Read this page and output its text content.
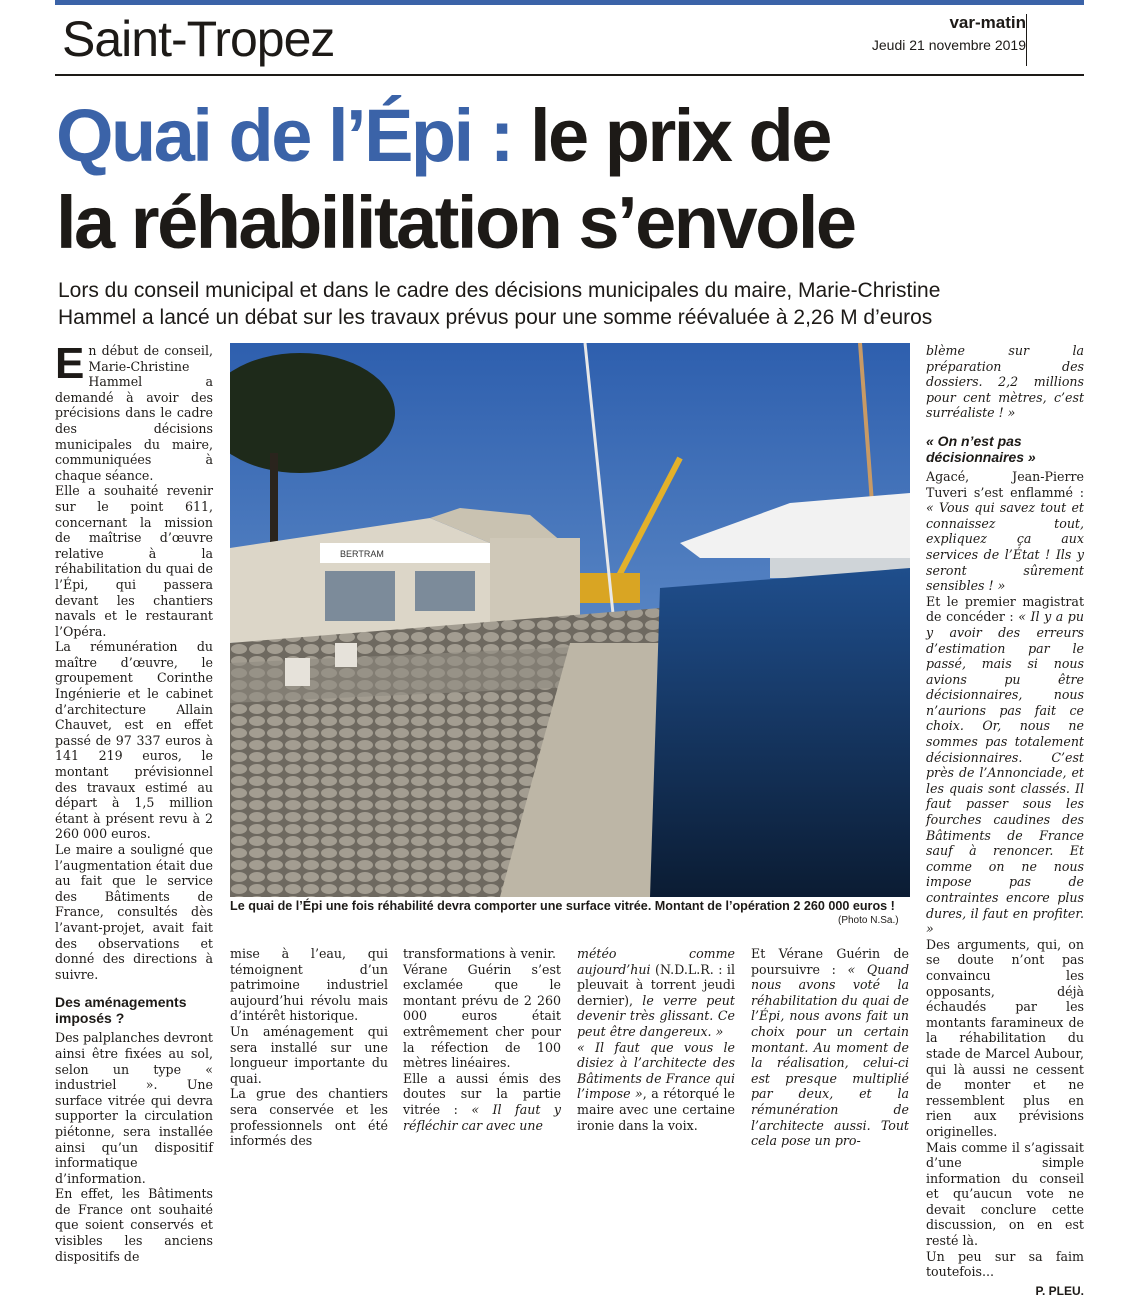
Saint-Tropez	var-matin
Jeudi 21 novembre 2019
Quai de l’Épi : le prix de
la réhabilitation s’envole
Lors du conseil municipal et dans le cadre des décisions municipales du maire, Marie-Christine
Hammel a lancé un débat sur les travaux prévus pour une somme réévaluée à 2,26 M d’euros

En début de conseil, Marie-Christine Hammel a demandé à avoir des précisions dans le cadre des décisions municipales du maire, communiquées à chaque séance.

Elle a souhaité revenir sur le point 611, concernant la mission de maîtrise d’œuvre relative à la réhabilitation du quai de l’Épi, qui passera devant les chantiers navals et le restaurant l’Opéra.

La rémunération du maître d’œuvre, le groupement Corinthe Ingénierie et le cabinet d’architecture Allain Chauvet, est en effet passé de 97 337 euros à 141 219 euros, le montant prévisionnel des travaux estimé au départ à 1,5 million étant à présent revu à 2 260 000 euros.

Le maire a souligné que l’augmentation était due au fait que le service des Bâtiments de France, consultés dès l’avant-projet, avait fait des observations et donné des directions à suivre.

Des aménagements imposés ?

Des palplanches devront ainsi être fixées au sol, selon un type « industriel ». Une surface vitrée qui devra supporter la circulation piétonne, sera installée ainsi qu’un dispositif informatique d’information.

En effet, les Bâtiments de France ont souhaité que soient conservés et visibles les anciens dispositifs de

BERTRAM
Le quai de l’Épi une fois réhabilité devra comporter une surface vitrée. Montant de l’opération 2 260 000 euros !
(Photo N.Sa.)

mise à l’eau, qui témoignent d’un patrimoine industriel aujourd’hui révolu mais d’intérêt historique.

Un aménagement qui sera installé sur une longueur importante du quai.

La grue des chantiers sera conservée et les professionnels ont été informés des

transformations à venir.

Vérane Guérin s’est exclamée que le montant prévu de 2 260 000 euros était extrêmement cher pour la réfection de 100 mètres linéaires.

Elle a aussi émis des doutes sur la partie vitrée : « Il faut y réfléchir car avec une

météo comme aujourd’hui (N.D.L.R. : il pleuvait à torrent jeudi dernier), le verre peut devenir très glissant. Ce peut être dangereux. »

« Il faut que vous le disiez à l’architecte des Bâtiments de France qui l’impose », a rétorqué le maire avec une certaine ironie dans la voix.

Et Vérane Guérin de poursuivre : « Quand nous avons voté la réhabilitation du quai de l’Épi, nous avons fait un choix pour un certain montant. Au moment de la réalisation, celui-ci est presque multiplié par deux, et la rémunération de l’architecte aussi. Tout cela pose un pro-

blème sur la préparation des dossiers. 2,2 millions pour cent mètres, c’est surréaliste ! »

« On n’est pas décisionnaires »

Agacé, Jean-Pierre Tuveri s’est enflammé : « Vous qui savez tout et connaissez tout, expliquez ça aux services de l’État ! Ils y seront sûrement sensibles ! »

Et le premier magistrat de concéder : « Il y a pu y avoir des erreurs d’estimation par le passé, mais si nous avions pu être décisionnaires, nous n’aurions pas fait ce choix. Or, nous ne sommes pas totalement décisionnaires. C’est près de l’Annonciade, et les quais sont classés. Il faut passer sous les fourches caudines des Bâtiments de France sauf à renoncer. Et comme on ne nous impose pas de contraintes encore plus dures, il faut en profiter. »

Des arguments, qui, on se doute n’ont pas convaincu les opposants, déjà échaudés par les montants faramineux de la réhabilitation du stade de Marcel Aubour, qui là aussi ne cessent de monter et ne ressemblent plus en rien aux prévisions originelles.

Mais comme il s’agissait d’une simple information du conseil et qu’aucun vote ne devait conclure cette discussion, on en est resté là.

Un peu sur sa faim toutefois...

P. PLEU.
